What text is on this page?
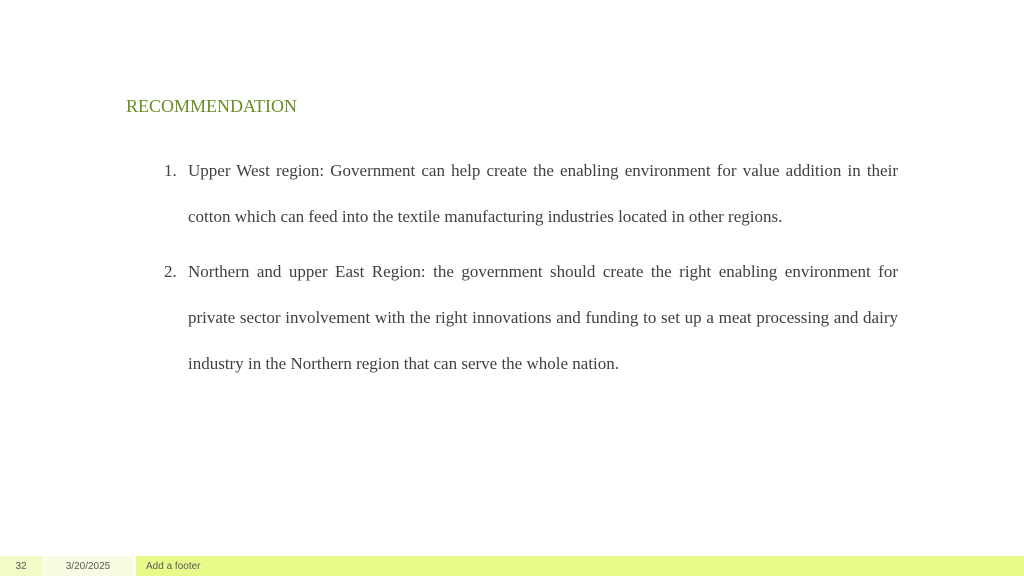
RECOMMENDATION
1. Upper West region: Government can help create the enabling environment for value addition in their cotton which can feed into the textile manufacturing industries located in other regions.
2. Northern and upper East Region: the government should create the right enabling environment for private sector involvement with the right innovations and funding to set up a meat processing and dairy industry in the Northern region that can serve the whole nation.
32	3/20/2025	Add a footer
